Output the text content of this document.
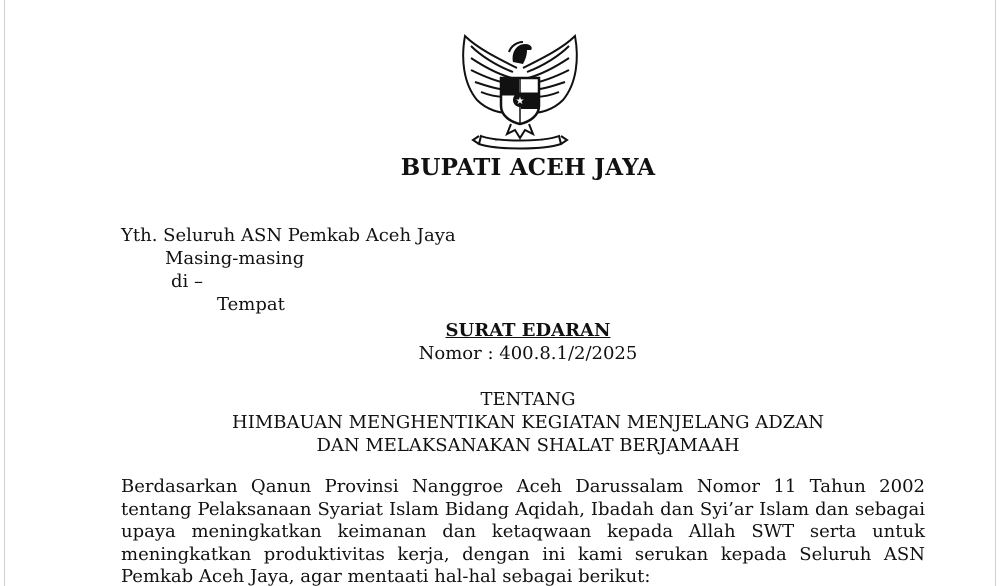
★
BUPATI ACEH JAYA
Yth. Seluruh ASN Pemkab Aceh Jaya
Masing-masing
di –
Tempat
SURAT EDARAN
Nomor : 400.8.1/2/2025
TENTANG
HIMBAUAN MENGHENTIKAN KEGIATAN MENJELANG ADZAN
DAN MELAKSANAKAN SHALAT BERJAMAAH
Berdasarkan Qanun Provinsi Nanggroe Aceh Darussalam Nomor 11 Tahun 2002 tentang Pelaksanaan Syariat Islam Bidang Aqidah, Ibadah dan Syi’ar Islam dan sebagai upaya meningkatkan keimanan dan ketaqwaan kepada Allah SWT serta untuk meningkatkan produktivitas kerja, dengan ini kami serukan kepada Seluruh ASN Pemkab Aceh Jaya, agar mentaati hal-hal sebagai berikut:
